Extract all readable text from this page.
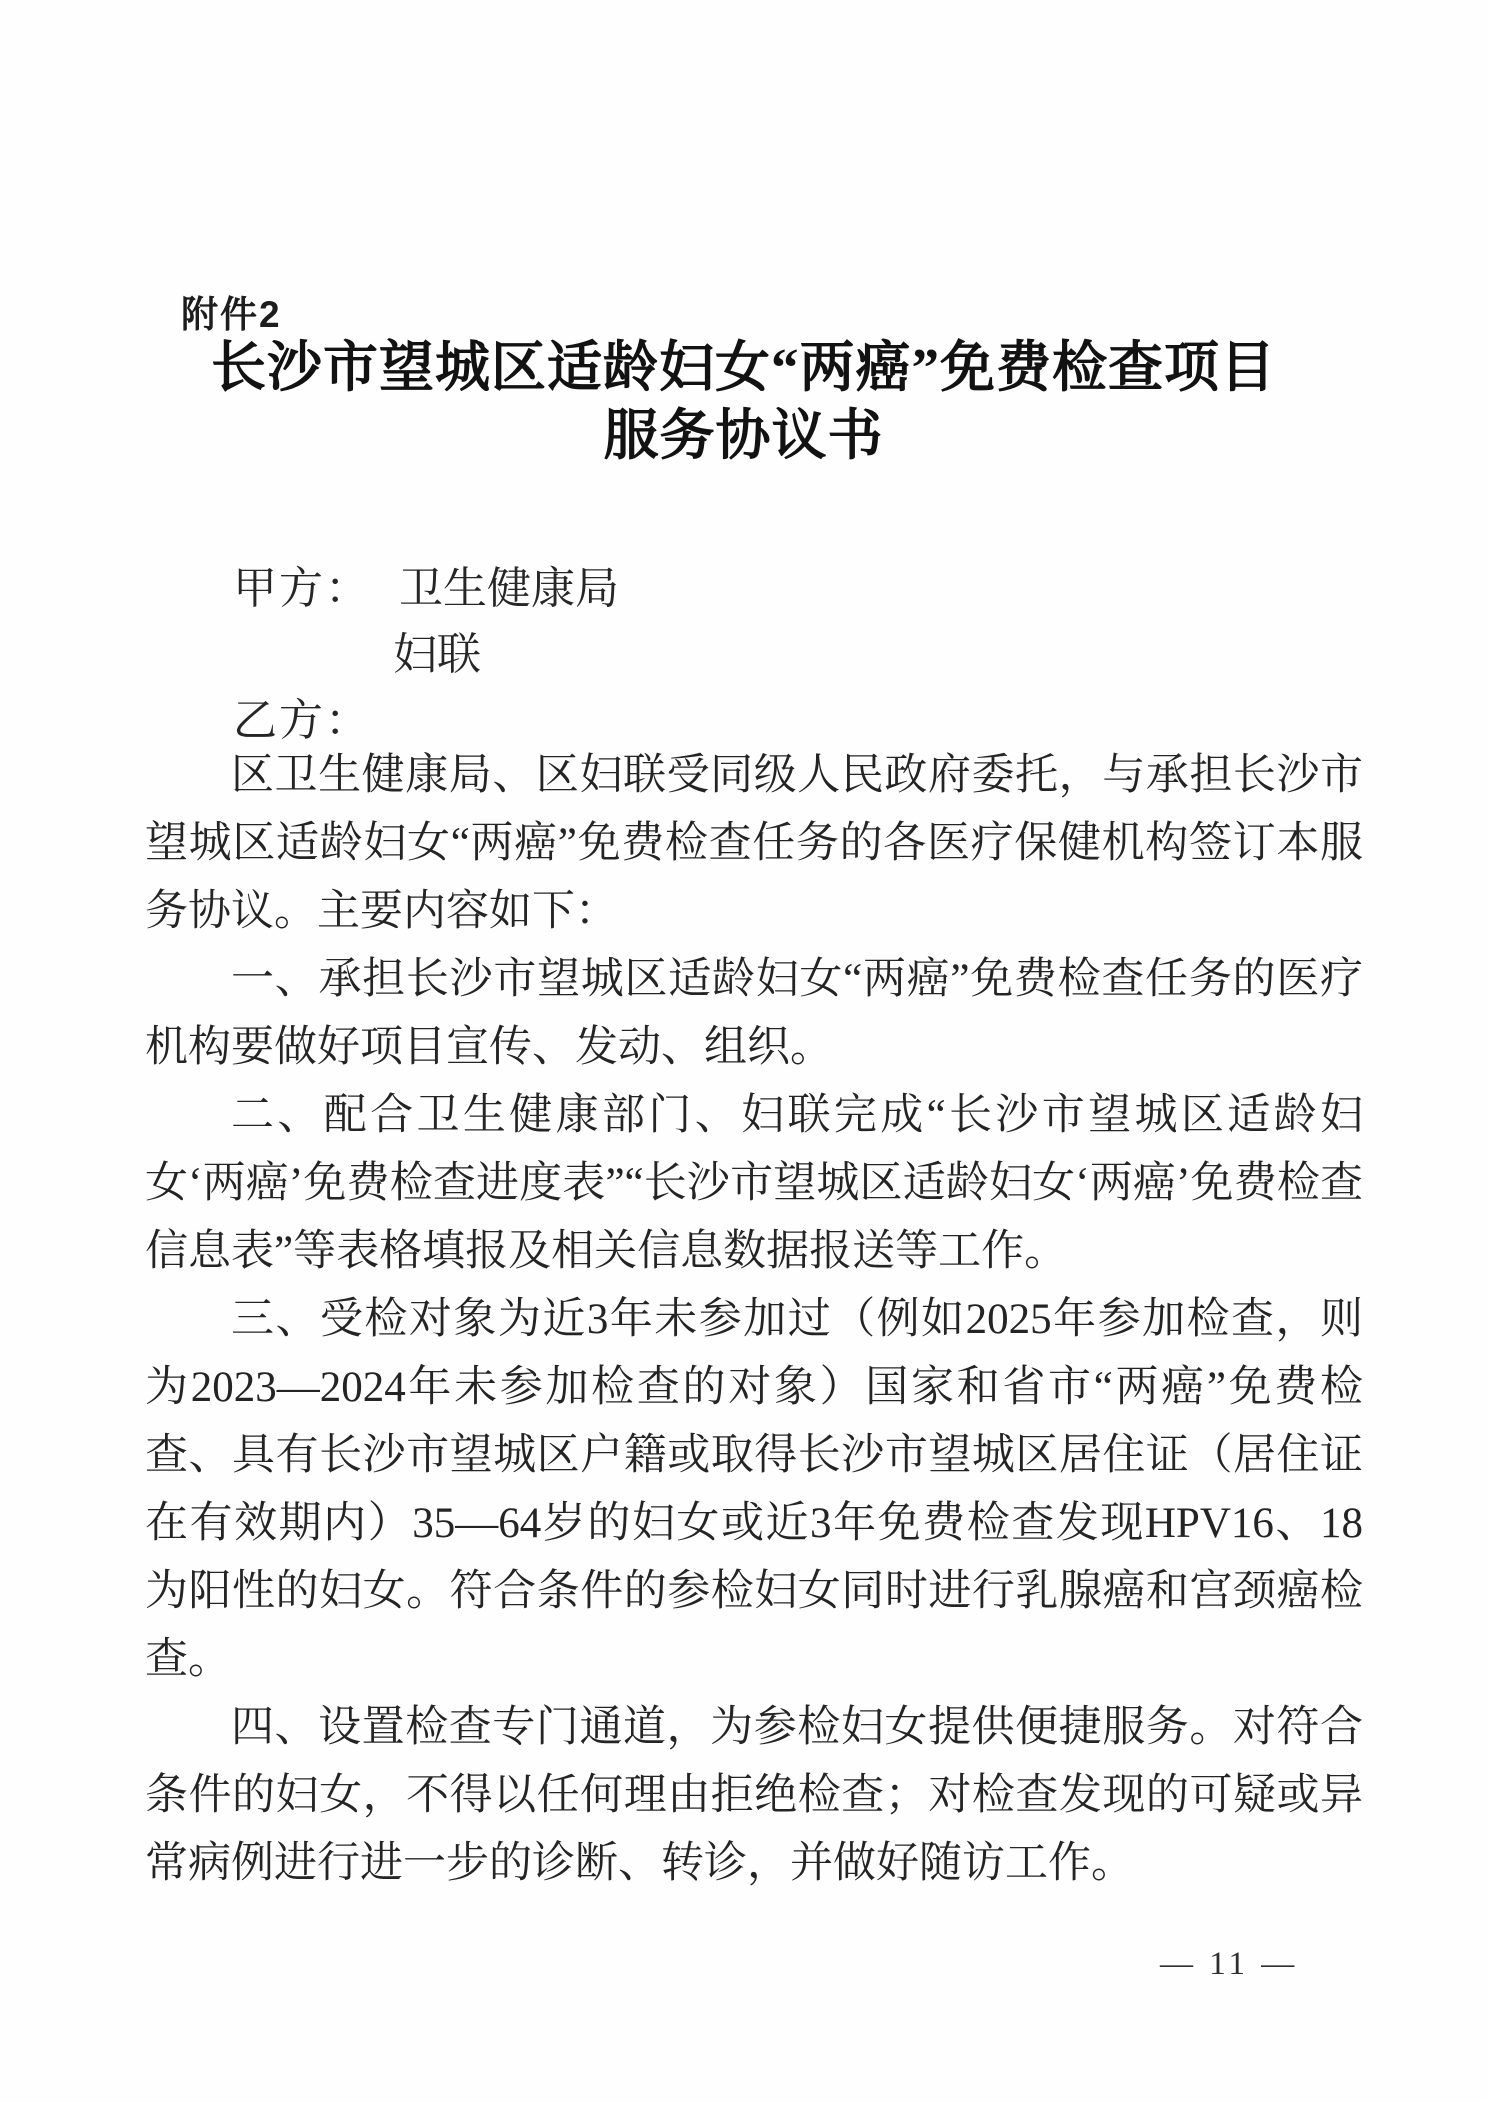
附件2
长沙市望城区适龄妇女“两癌”免费检查项目
服务协议书
甲方： 卫生健康局
妇联
乙方：

区卫生健康局、区妇联受同级人民政府委托，与承担长沙市望城区适龄妇女“两癌”免费检查任务的各医疗保健机构签订本服务协议。主要内容如下：

一、承担长沙市望城区适龄妇女“两癌”免费检查任务的医疗机构要做好项目宣传、发动、组织。

二、配合卫生健康部门、妇联完成“长沙市望城区适龄妇女‘两癌’免费检查进度表”“长沙市望城区适龄妇女‘两癌’免费检查信息表”等表格填报及相关信息数据报送等工作。

三、受检对象为近3年未参加过（例如2025年参加检查，则为2023—2024年未参加检查的对象）国家和省市“两癌”免费检查、具有长沙市望城区户籍或取得长沙市望城区居住证（居住证在有效期内）35—64岁的妇女或近3年免费检查发现HPV16、18为阳性的妇女。符合条件的参检妇女同时进行乳腺癌和宫颈癌检查。

四、设置检查专门通道，为参检妇女提供便捷服务。对符合条件的妇女，不得以任何理由拒绝检查；对检查发现的可疑或异常病例进行进一步的诊断、转诊，并做好随访工作。

— 11 —
